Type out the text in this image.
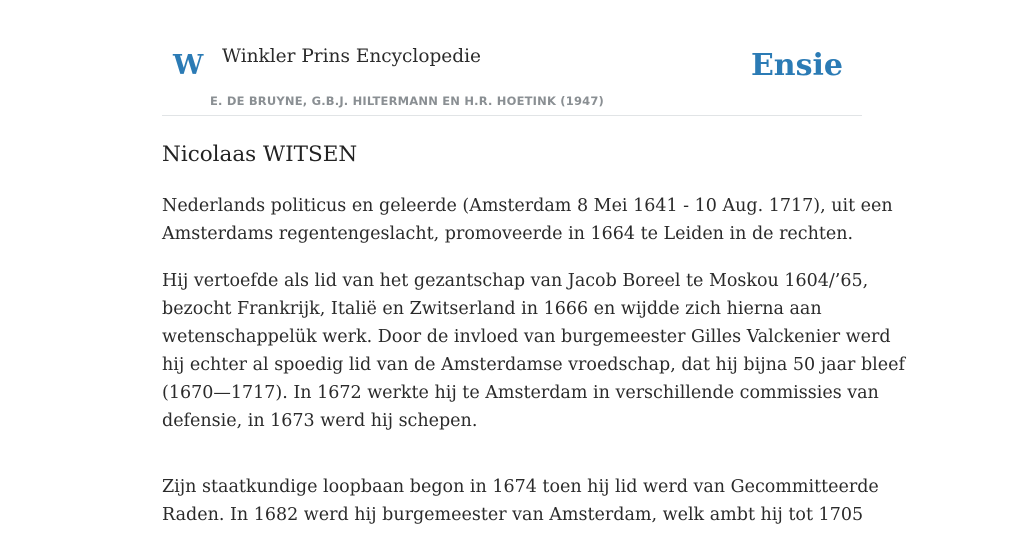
W Winkler Prins Encyclopedie
E. DE BRUYNE, G.B.J. HILTERMANN EN H.R. HOETINK (1947)
Ensie
Nicolaas WITSEN
Nederlands politicus en geleerde (Amsterdam 8 Mei 1641 - 10 Aug. 1717), uit een
Amsterdams regentengeslacht, promoveerde in 1664 te Leiden in de rechten.
Hij vertoefde als lid van het gezantschap van Jacob Boreel te Moskou 1604/’65,
bezocht Frankrijk, Italië en Zwitserland in 1666 en wijdde zich hierna aan
wetenschappelük werk. Door de invloed van burgemeester Gilles Valckenier werd
hij echter al spoedig lid van de Amsterdamse vroedschap, dat hij bijna 50 jaar bleef
(1670—1717). In 1672 werkte hij te Amsterdam in verschillende commissies van
defensie, in 1673 werd hij schepen.
Zijn staatkundige loopbaan begon in 1674 toen hij lid werd van Gecommitteerde
Raden. In 1682 werd hij burgemeester van Amsterdam, welk ambt hij tot 1705
